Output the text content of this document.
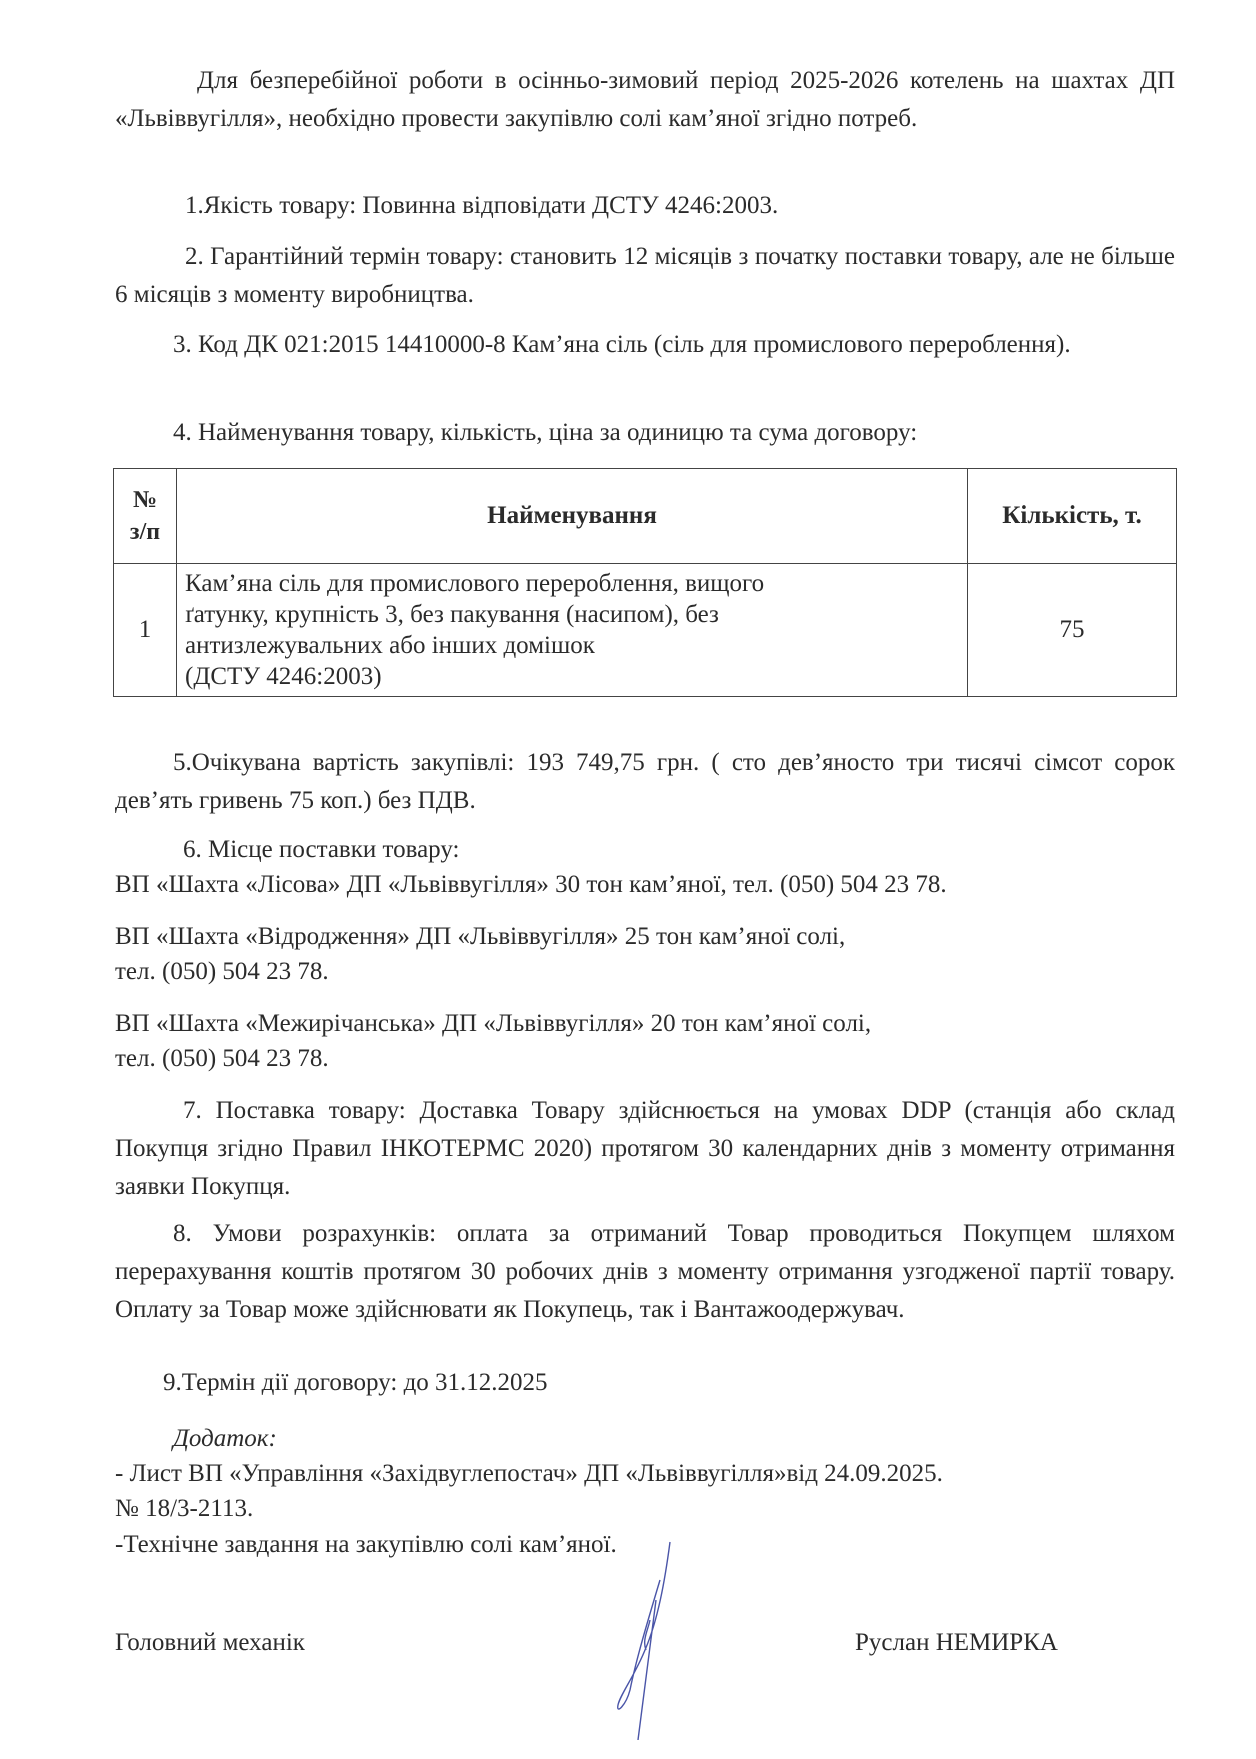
Для безперебійної роботи в осінньо-зимовий період 2025-2026 котелень на шахтах ДП «Львіввугілля», необхідно провести закупівлю солі кам’яної згідно потреб.

1.Якість товару: Повинна відповідати ДСТУ 4246:2003.

2. Гарантійний термін товару: становить 12 місяців з початку поставки товару, але не більше 6 місяців з моменту виробництва.

3. Код ДК 021:2015 14410000-8 Кам’яна сіль (сіль для промислового перероблення).

4. Найменування товару, кількість, ціна за одиницю та сума договору:

№
з/п	Найменування	Кількість, т.
1	Кам’яна сіль для промислового перероблення, вищого
ґатунку, крупність 3, без пакування (насипом), без
антизлежувальних або інших домішок
(ДСТУ 4246:2003)	75

5.Очікувана вартість закупівлі: 193 749,75 грн. ( сто дев’яносто три тисячі сімсот сорок дев’ять гривень 75 коп.) без ПДВ.

6. Місце поставки товару:

ВП «Шахта «Лісова» ДП «Львіввугілля» 30 тон кам’яної, тел. (050) 504 23 78.

ВП «Шахта «Відродження» ДП «Львіввугілля» 25 тон кам’яної солі,

тел. (050) 504 23 78.

ВП «Шахта «Межирічанська» ДП «Львіввугілля» 20 тон кам’яної солі,

тел. (050) 504 23 78.

7. Поставка товару: Доставка Товару здійснюється на умовах DDP (станція або склад Покупця згідно Правил ІНКОТЕРМС 2020) протягом 30 календарних днів з моменту отримання заявки Покупця.

8. Умови розрахунків: оплата за отриманий Товар проводиться Покупцем шляхом перерахування коштів протягом 30 робочих днів з моменту отримання узгодженої партії товару. Оплату за Товар може здійснювати як Покупець, так і Вантажоодержувач.

9.Термін дії договору: до 31.12.2025

Додаток:

- Лист ВП «Управління «Західвуглепостач» ДП «Львіввугілля»від 24.09.2025.

№ 18/3-2113.

-Технічне завдання на закупівлю солі кам’яної.

Головний механік	Руслан НЕМИРКА
